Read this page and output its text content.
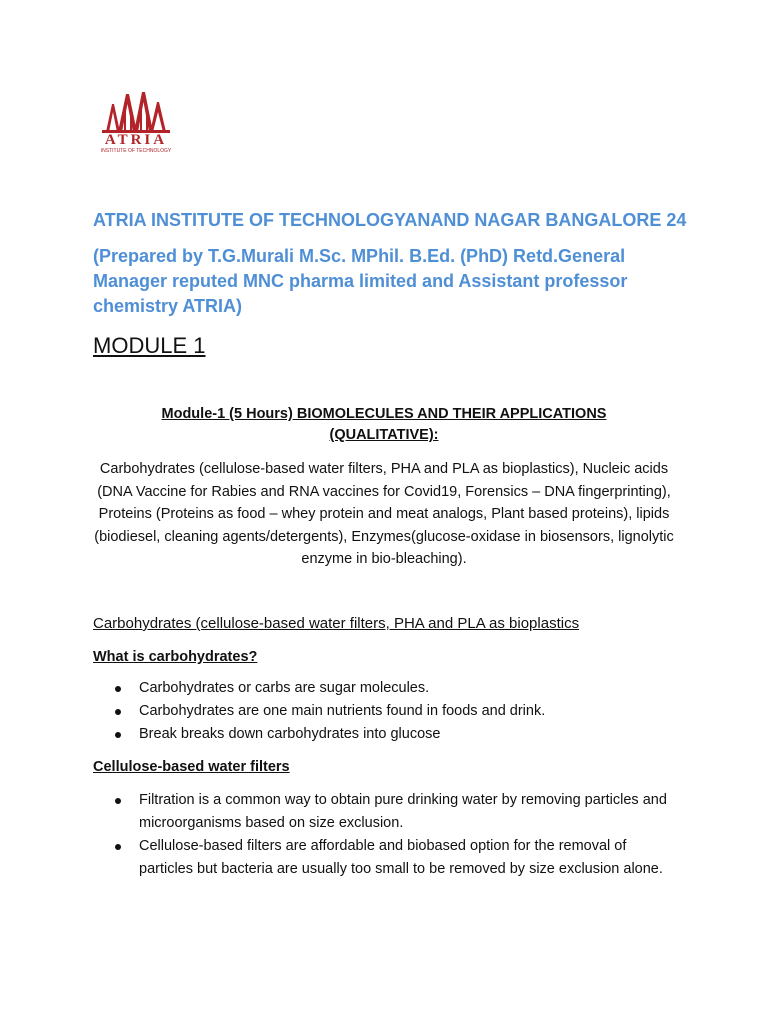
ATRIA
INSTITUTE OF TECHNOLOGY
ATRIA INSTITUTE OF TECHNOLOGYANAND NAGAR BANGALORE 24
(Prepared by T.G.Murali M.Sc. MPhil. B.Ed. (PhD) Retd.General Manager reputed MNC pharma limited and Assistant professor chemistry ATRIA)
MODULE 1
Module-1 (5 Hours) BIOMOLECULES AND THEIR APPLICATIONS (QUALITATIVE):
Carbohydrates (cellulose-based water filters, PHA and PLA as bioplastics), Nucleic acids (DNA Vaccine for Rabies and RNA vaccines for Covid19, Forensics – DNA fingerprinting), Proteins (Proteins as food – whey protein and meat analogs, Plant based proteins), lipids (biodiesel, cleaning agents/detergents), Enzymes(glucose-oxidase in biosensors, lignolytic enzyme in bio-bleaching).
Carbohydrates (cellulose-based water filters, PHA and PLA as bioplastics
What is carbohydrates?
Carbohydrates or carbs are sugar molecules.
Carbohydrates are one main nutrients found in foods and drink.
Break breaks down carbohydrates into glucose
Cellulose-based water filters
Filtration is a common way to obtain pure drinking water by removing particles and microorganisms based on size exclusion.
Cellulose-based filters are affordable and biobased option for the removal of particles but bacteria are usually too small to be removed by size exclusion alone.
